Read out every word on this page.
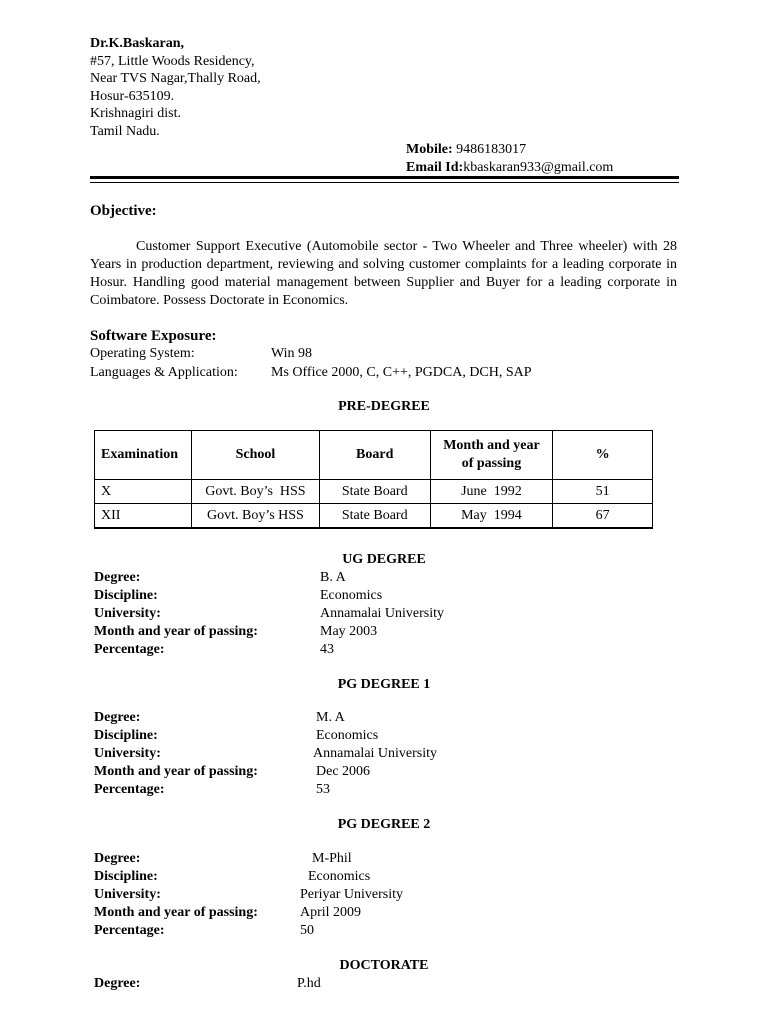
Dr.K.Baskaran,
#57, Little Woods Residency,
Near TVS Nagar,Thally Road,
Hosur-635109.
Krishnagiri dist.
Tamil Nadu.
Mobile: 9486183017
Email Id:kbaskaran933@gmail.com
Objective:
Customer Support Executive (Automobile sector - Two Wheeler and Three wheeler) with 28 Years in production department, reviewing and solving customer complaints for a leading corporate in Hosur. Handling good material management between Supplier and Buyer for a leading corporate in Coimbatore. Possess Doctorate in Economics.
Software Exposure:
Operating System:	Win 98
Languages & Application: Ms Office 2000, C, C++, PGDCA, DCH, SAP
PRE-DEGREE
Examination	School	Board	Month and year of passing	%
X	Govt. Boy’s  HSS	State Board	June  1992	51
XII	Govt. Boy’s HSS	State Board	May  1994	67
UG DEGREE
Degree:	B. A
Discipline:	Economics
University:	Annamalai University
Month and year of passing:	May 2003
Percentage:	43
PG DEGREE 1
Degree:	M. A
Discipline:	Economics
University:	Annamalai University
Month and year of passing:	Dec 2006
Percentage:	53
PG DEGREE 2
Degree:	M-Phil
Discipline:	Economics
University:	Periyar University
Month and year of passing:	April 2009
Percentage:	50
DOCTORATE
Degree:	P.hd
